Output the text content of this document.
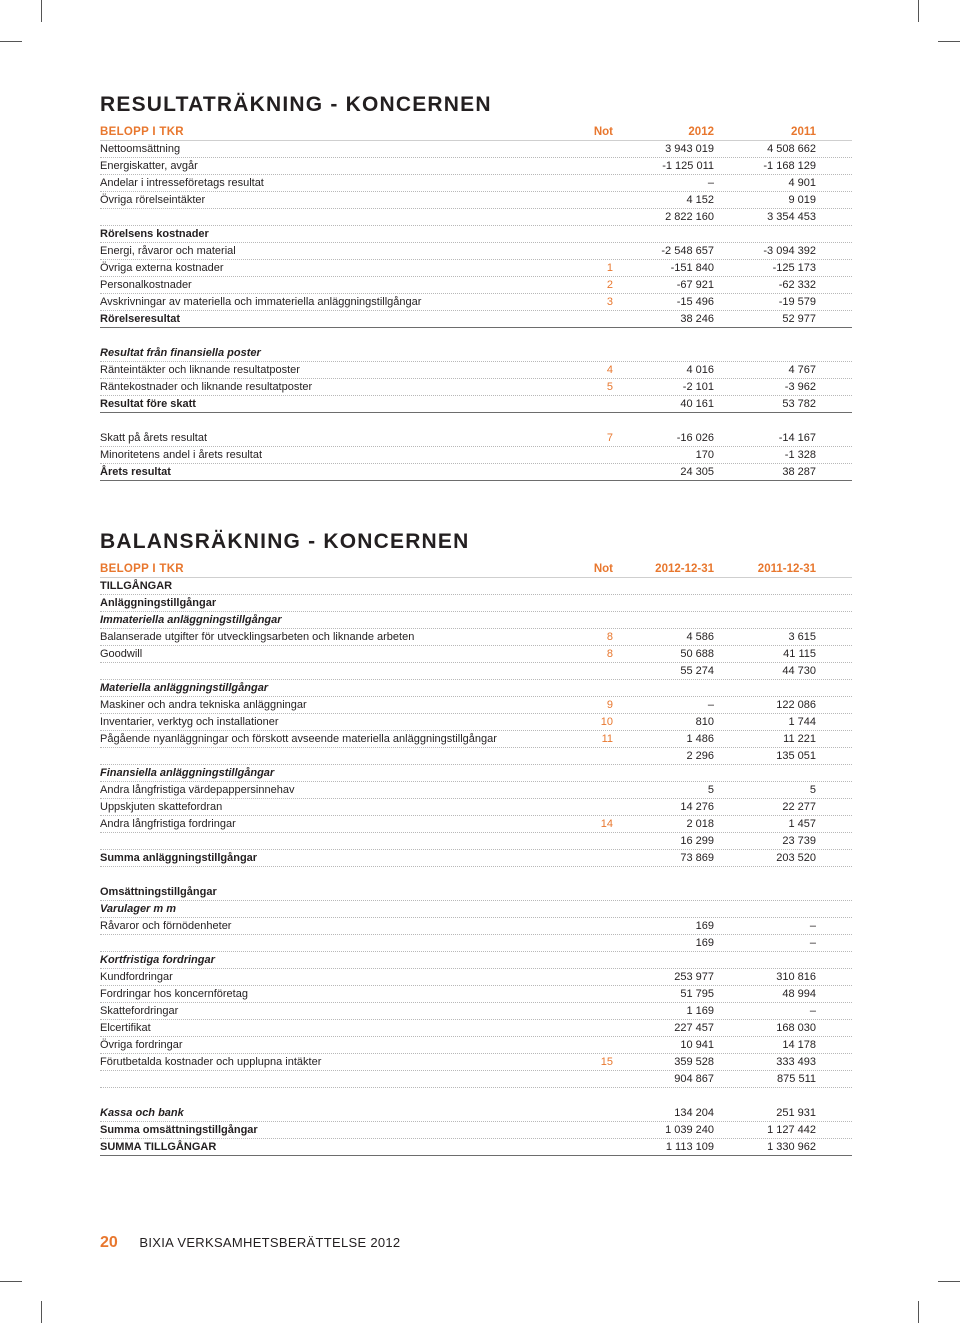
RESULTATRÄKNING - KONCERNEN
BELOPP I TKR	Not	2012	2011
Nettoomsättning	3 943 019	4 508 662
Energiskatter, avgår	-1 125 011	-1 168 129
Andelar i intresseföretags resultat	–	4 901
Övriga rörelseintäkter	4 152	9 019
2 822 160	3 354 453
Rörelsens kostnader
Energi, råvaror och material	-2 548 657	-3 094 392
Övriga externa kostnader	1	-151 840	-125 173
Personalkostnader	2	-67 921	-62 332
Avskrivningar av materiella och immateriella anläggningstillgångar	3	-15 496	-19 579
Rörelseresultat	38 246	52 977
Resultat från finansiella poster
Ränteintäkter och liknande resultatposter	4	4 016	4 767
Räntekostnader och liknande resultatposter	5	-2 101	-3 962
Resultat före skatt	40 161	53 782
Skatt på årets resultat	7	-16 026	-14 167
Minoritetens andel i årets resultat	170	-1 328
Årets resultat	24 305	38 287
BALANSRÄKNING - KONCERNEN
BELOPP I TKR	Not	2012-12-31	2011-12-31
TILLGÅNGAR
Anläggningstillgångar
Immateriella anläggningstillgångar
Balanserade utgifter för utvecklingsarbeten och liknande arbeten	8	4 586	3 615
Goodwill	8	50 688	41 115
55 274	44 730
Materiella anläggningstillgångar
Maskiner och andra tekniska anläggningar	9	–	122 086
Inventarier, verktyg och installationer	10	810	1 744
Pågående nyanläggningar och förskott avseende materiella anläggningstillgångar	11	1 486	11 221
2 296	135 051
Finansiella anläggningstillgångar
Andra långfristiga värdepappersinnehav	5	5
Uppskjuten skattefordran	14 276	22 277
Andra långfristiga fordringar	14	2 018	1 457
16 299	23 739
Summa anläggningstillgångar	73 869	203 520
Omsättningstillgångar
Varulager m m
Råvaror och förnödenheter	169	–
169	–
Kortfristiga fordringar
Kundfordringar	253 977	310 816
Fordringar hos koncernföretag	51 795	48 994
Skattefordringar	1 169	–
Elcertifikat	227 457	168 030
Övriga fordringar	10 941	14 178
Förutbetalda kostnader och upplupna intäkter	15	359 528	333 493
904 867	875 511
Kassa och bank	134 204	251 931
Summa omsättningstillgångar	1 039 240	1 127 442
SUMMA TILLGÅNGAR	1 113 109	1 330 962
20 BIXIA VERKSAMHETSBERÄTTELSE 2012
